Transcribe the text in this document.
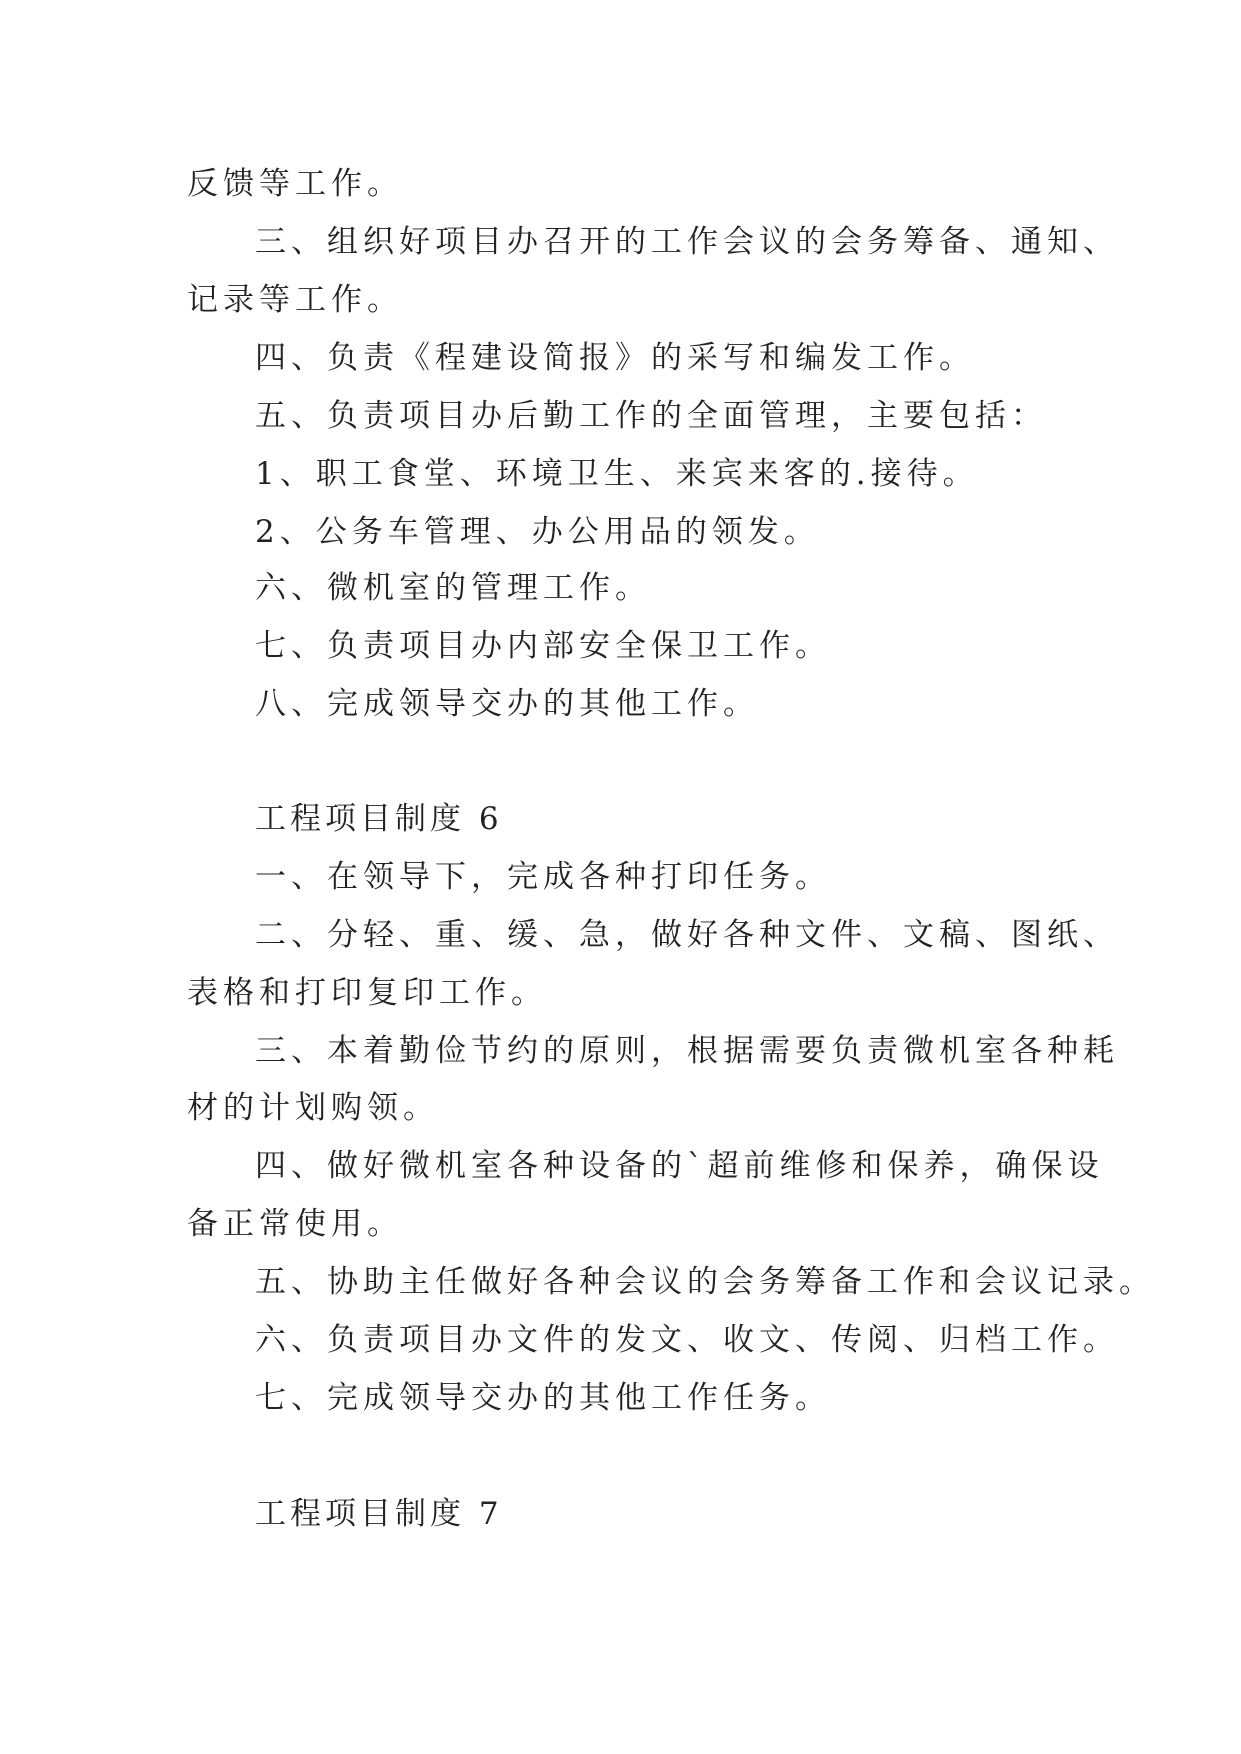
反馈等工作。
三、组织好项目办召开的工作会议的会务筹备、通知、
记录等工作。
四、负责《程建设简报》的采写和编发工作。
五、负责项目办后勤工作的全面管理，主要包括：
1、职工食堂、环境卫生、来宾来客的.接待。
2、公务车管理、办公用品的领发。
六、微机室的管理工作。
七、负责项目办内部安全保卫工作。
八、完成领导交办的其他工作。
工程项目制度 6
一、在领导下，完成各种打印任务。
二、分轻、重、缓、急，做好各种文件、文稿、图纸、
表格和打印复印工作。
三、本着勤俭节约的原则，根据需要负责微机室各种耗
材的计划购领。
四、做好微机室各种设备的`超前维修和保养，确保设
备正常使用。
五、协助主任做好各种会议的会务筹备工作和会议记录。
六、负责项目办文件的发文、收文、传阅、归档工作。
七、完成领导交办的其他工作任务。
工程项目制度 7
